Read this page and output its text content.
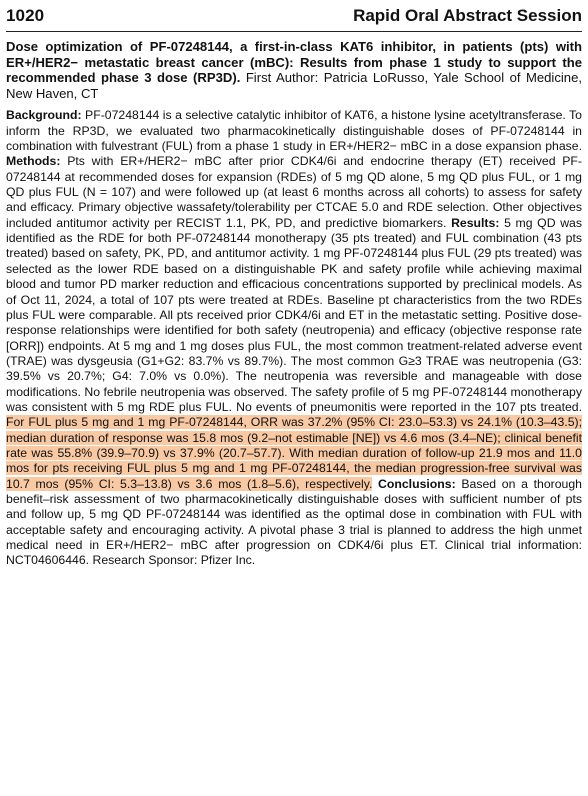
1020	Rapid Oral Abstract Session
Dose optimization of PF-07248144, a first-in-class KAT6 inhibitor, in patients (pts) with ER+/HER2− metastatic breast cancer (mBC): Results from phase 1 study to support the recommended phase 3 dose (RP3D). First Author: Patricia LoRusso, Yale School of Medicine, New Haven, CT
Background: PF-07248144 is a selective catalytic inhibitor of KAT6, a histone lysine acetyltransferase. To inform the RP3D, we evaluated two pharmacokinetically distinguishable doses of PF-07248144 in combination with fulvestrant (FUL) from a phase 1 study in ER+/HER2− mBC in a dose expansion phase. Methods: Pts with ER+/HER2− mBC after prior CDK4/6i and endocrine therapy (ET) received PF-07248144 at recommended doses for expansion (RDEs) of 5 mg QD alone, 5 mg QD plus FUL, or 1 mg QD plus FUL (N = 107) and were followed up (at least 6 months across all cohorts) to assess for safety and efficacy. Primary objective wassafety/tolerability per CTCAE 5.0 and RDE selection. Other objectives included antitumor activity per RECIST 1.1, PK, PD, and predictive biomarkers. Results: 5 mg QD was identified as the RDE for both PF-07248144 monotherapy (35 pts treated) and FUL combination (43 pts treated) based on safety, PK, PD, and antitumor activity. 1 mg PF-07248144 plus FUL (29 pts treated) was selected as the lower RDE based on a distinguishable PK and safety profile while achieving maximal blood and tumor PD marker reduction and efficacious concentrations supported by preclinical models. As of Oct 11, 2024, a total of 107 pts were treated at RDEs. Baseline pt characteristics from the two RDEs plus FUL were comparable. All pts received prior CDK4/6i and ET in the metastatic setting. Positive dose-response relationships were identified for both safety (neutropenia) and efficacy (objective response rate [ORR]) endpoints. At 5 mg and 1 mg doses plus FUL, the most common treatment-related adverse event (TRAE) was dysgeusia (G1+G2: 83.7% vs 89.7%). The most common G≥3 TRAE was neutropenia (G3: 39.5% vs 20.7%; G4: 7.0% vs 0.0%). The neutropenia was reversible and manageable with dose modifications. No febrile neutropenia was observed. The safety profile of 5 mg PF-07248144 monotherapy was consistent with 5 mg RDE plus FUL. No events of pneumonitis were reported in the 107 pts treated. For FUL plus 5 mg and 1 mg PF-07248144, ORR was 37.2% (95% CI: 23.0–53.3) vs 24.1% (10.3–43.5); median duration of response was 15.8 mos (9.2–not estimable [NE]) vs 4.6 mos (3.4–NE); clinical benefit rate was 55.8% (39.9–70.9) vs 37.9% (20.7–57.7). With median duration of follow-up 21.9 mos and 11.0 mos for pts receiving FUL plus 5 mg and 1 mg PF-07248144, the median progression-free survival was 10.7 mos (95% CI: 5.3–13.8) vs 3.6 mos (1.8–5.6), respectively. Conclusions: Based on a thorough benefit–risk assessment of two pharmacokinetically distinguishable doses with sufficient number of pts and follow up, 5 mg QD PF-07248144 was identified as the optimal dose in combination with FUL with acceptable safety and encouraging activity. A pivotal phase 3 trial is planned to address the high unmet medical need in ER+/HER2− mBC after progression on CDK4/6i plus ET. Clinical trial information: NCT04606446. Research Sponsor: Pfizer Inc.
